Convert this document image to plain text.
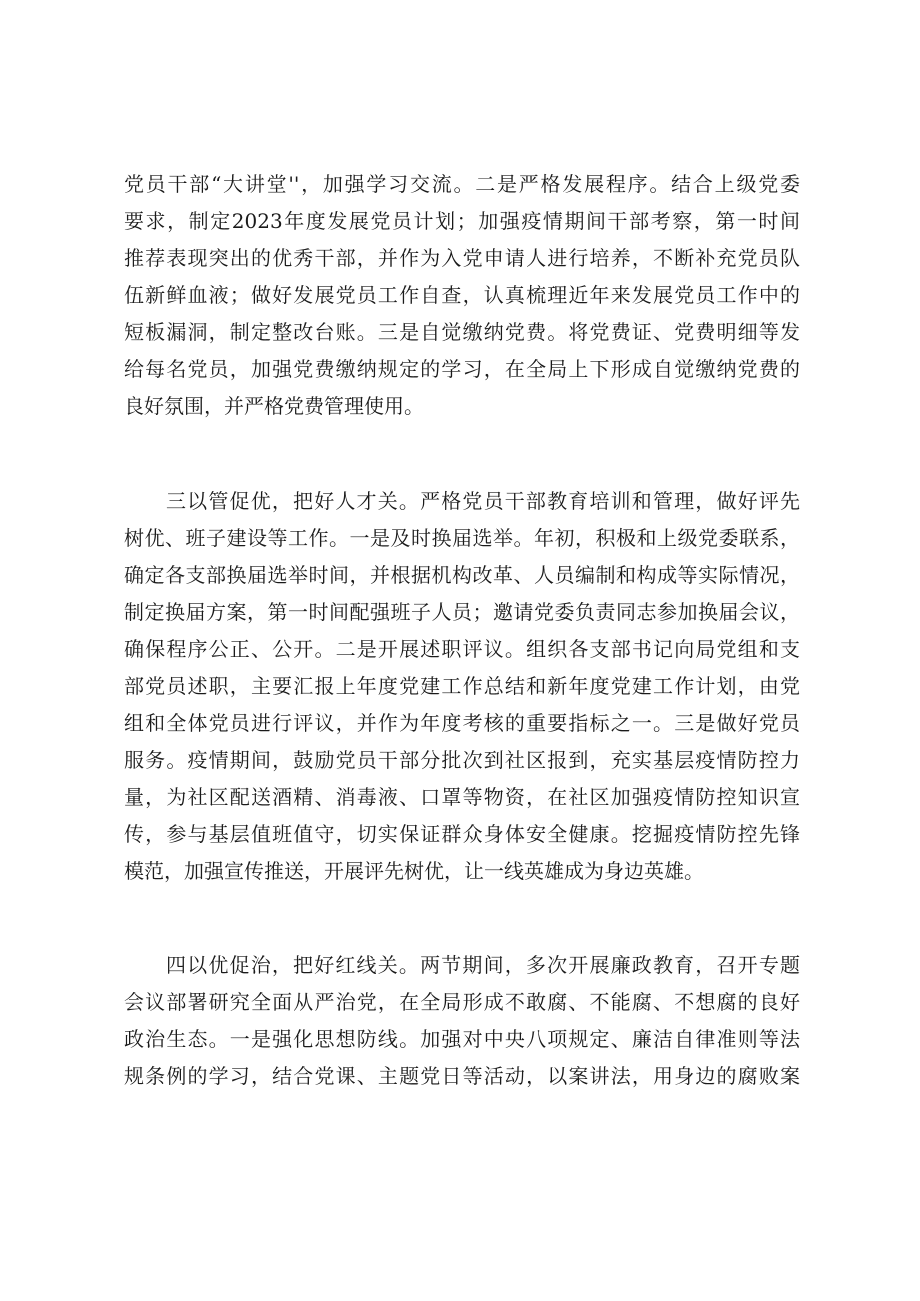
党员干部“大讲堂''，加强学习交流。二是严格发展程序。结合上级党委
要求，制定2023年度发展党员计划；加强疫情期间干部考察，第一时间
推荐表现突出的优秀干部，并作为入党申请人进行培养，不断补充党员队
伍新鲜血液；做好发展党员工作自查，认真梳理近年来发展党员工作中的
短板漏洞，制定整改台账。三是自觉缴纳党费。将党费证、党费明细等发
给每名党员，加强党费缴纳规定的学习，在全局上下形成自觉缴纳党费的
良好氛围，并严格党费管理使用。
三以管促优，把好人才关。严格党员干部教育培训和管理，做好评先
树优、班子建设等工作。一是及时换届选举。年初，积极和上级党委联系，
确定各支部换届选举时间，并根据机构改革、人员编制和构成等实际情况，
制定换届方案，第一时间配强班子人员；邀请党委负责同志参加换届会议，
确保程序公正、公开。二是开展述职评议。组织各支部书记向局党组和支
部党员述职，主要汇报上年度党建工作总结和新年度党建工作计划，由党
组和全体党员进行评议，并作为年度考核的重要指标之一。三是做好党员
服务。疫情期间，鼓励党员干部分批次到社区报到，充实基层疫情防控力
量，为社区配送酒精、消毒液、口罩等物资，在社区加强疫情防控知识宣
传，参与基层值班值守，切实保证群众身体安全健康。挖掘疫情防控先锋
模范，加强宣传推送，开展评先树优，让一线英雄成为身边英雄。
四以优促治，把好红线关。两节期间，多次开展廉政教育，召开专题
会议部署研究全面从严治党，在全局形成不敢腐、不能腐、不想腐的良好
政治生态。一是强化思想防线。加强对中央八项规定、廉洁自律准则等法
规条例的学习，结合党课、主题党日等活动，以案讲法，用身边的腐败案
